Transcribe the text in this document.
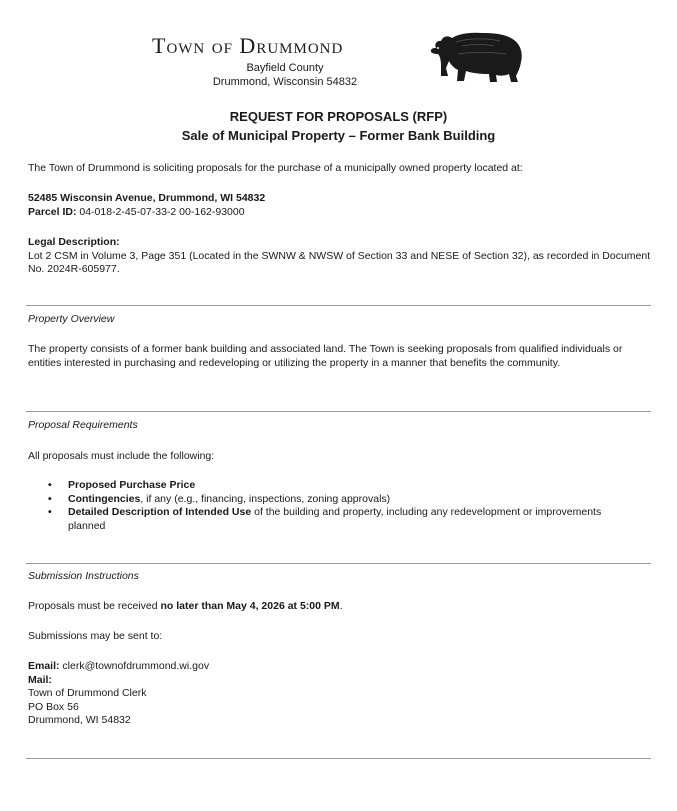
Town of Drummond
Bayfield County
Drummond, Wisconsin 54832
REQUEST FOR PROPOSALS (RFP)
Sale of Municipal Property – Former Bank Building
The Town of Drummond is soliciting proposals for the purchase of a municipally owned property located at:
52485 Wisconsin Avenue, Drummond, WI 54832
Parcel ID: 04-018-2-45-07-33-2 00-162-93000
Legal Description:
Lot 2 CSM in Volume 3, Page 351 (Located in the SWNW & NWSW of Section 33 and NESE of Section 32), as recorded in Document No. 2024R-605977.
Property Overview
The property consists of a former bank building and associated land. The Town is seeking proposals from qualified individuals or entities interested in purchasing and redeveloping or utilizing the property in a manner that benefits the community.
Proposal Requirements
All proposals must include the following:
• Proposed Purchase Price
• Contingencies, if any (e.g., financing, inspections, zoning approvals)
• Detailed Description of Intended Use of the building and property, including any redevelopment or improvements planned
Submission Instructions
Proposals must be received no later than May 4, 2026 at 5:00 PM.
Submissions may be sent to:
Email: clerk@townofdrummond.wi.gov
Mail:
Town of Drummond Clerk
PO Box 56
Drummond, WI 54832
